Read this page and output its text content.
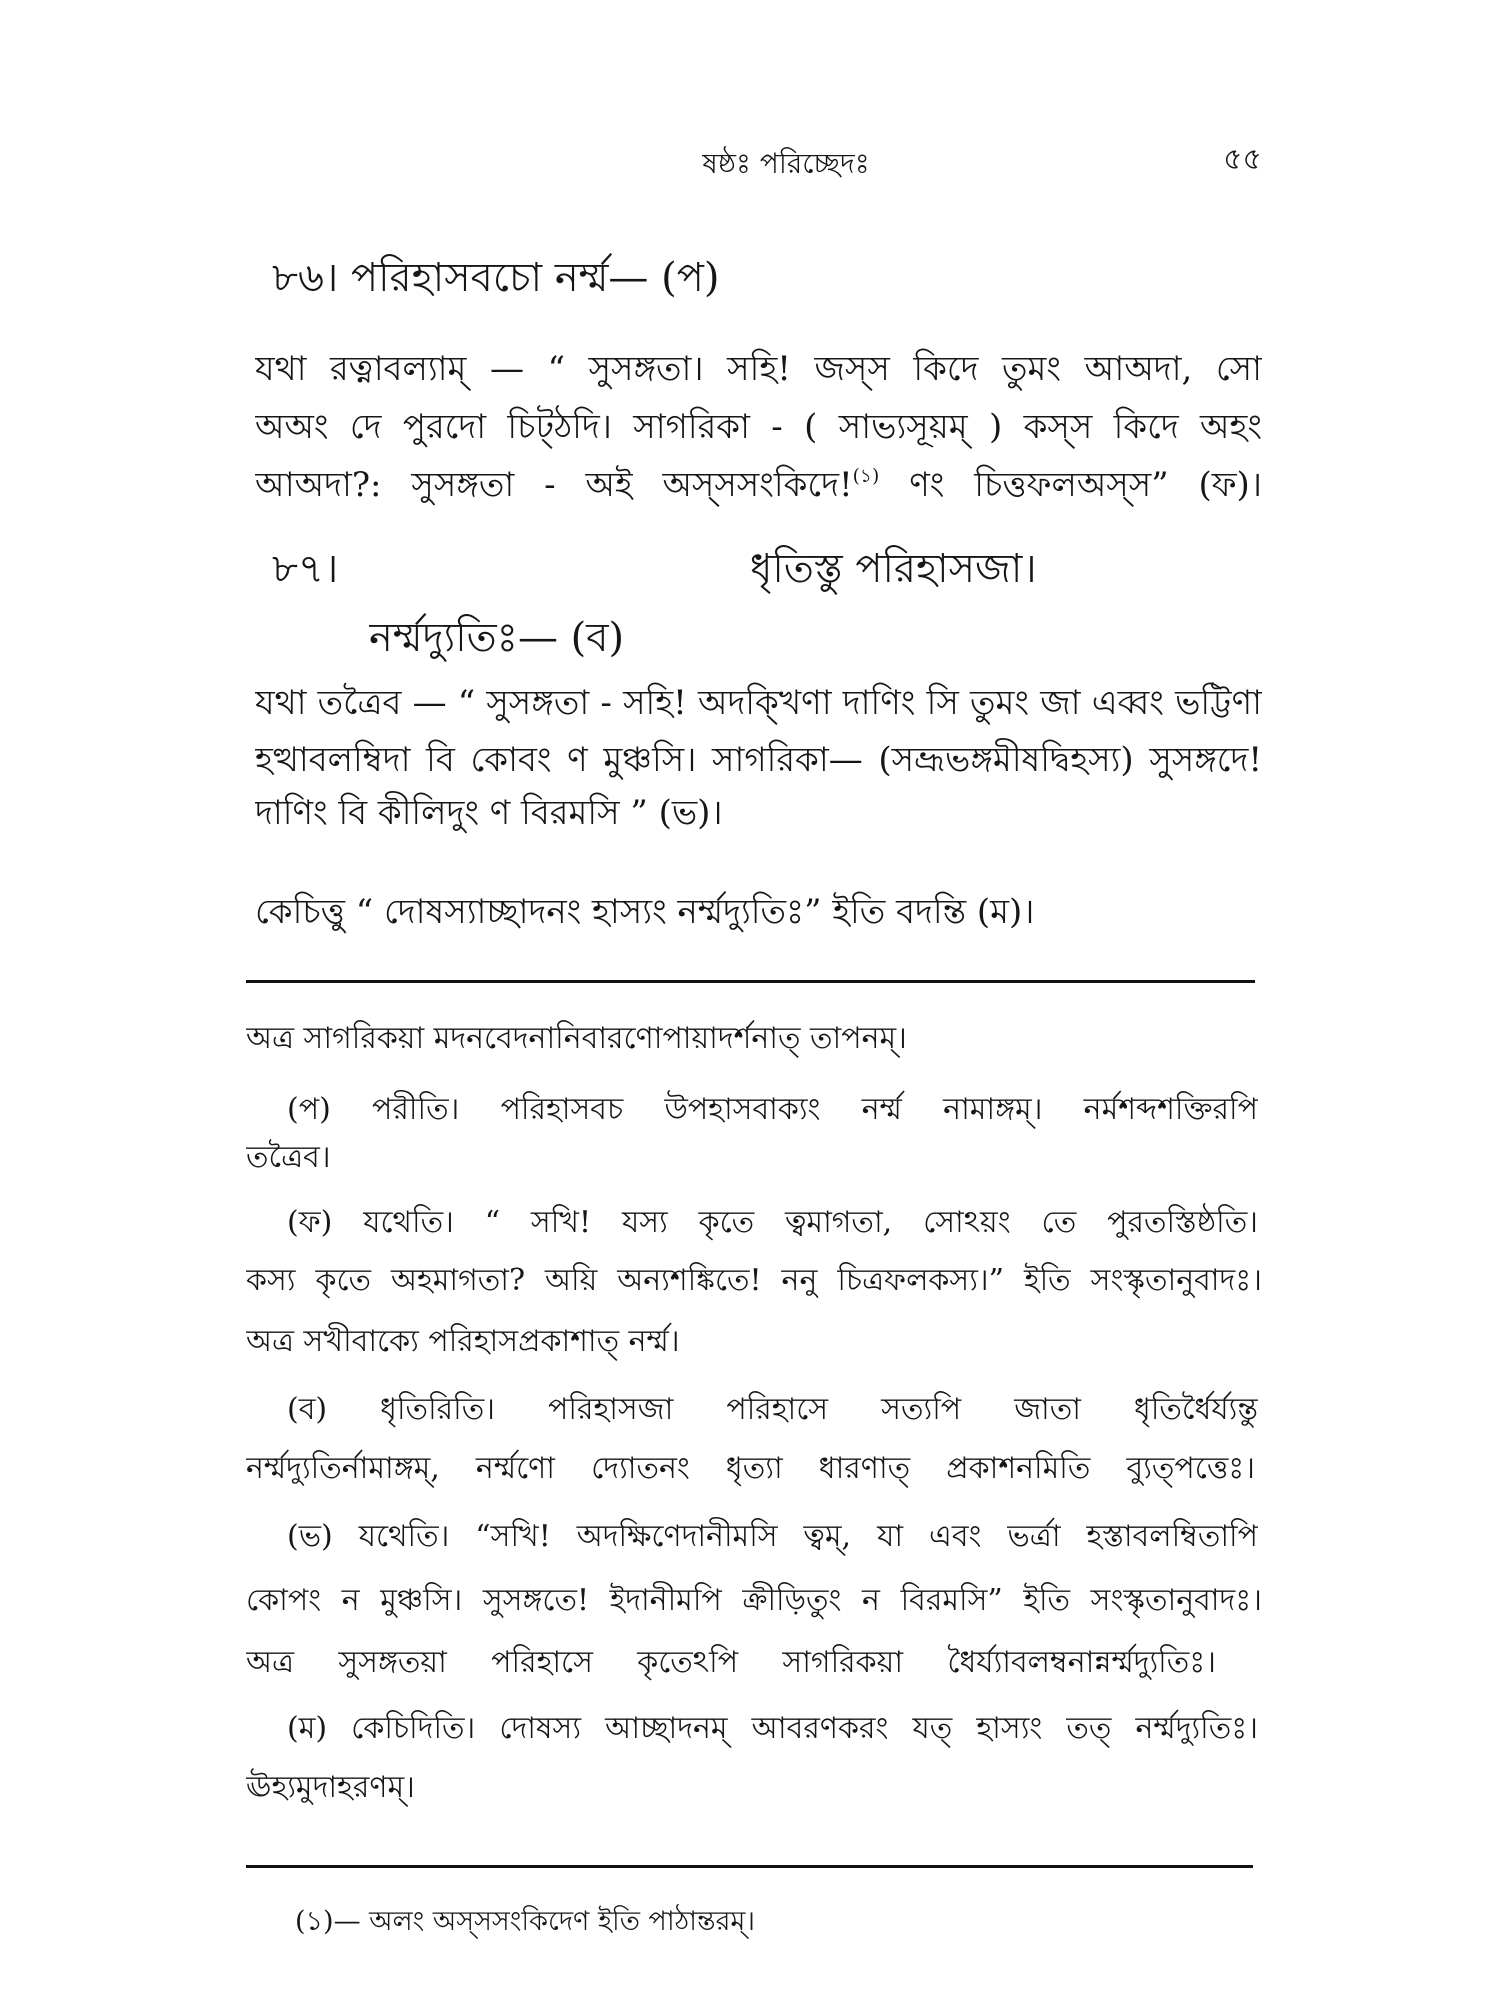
ষষ্ঠঃ পরিচ্ছেদঃ	৫৫
৮৬। পরিহাসবচো নর্ম্ম— (প)
যথা রত্নাবল্যাম্ — “ সুসঙ্গতা। সহি! জস্‌স কিদে তুমং আঅদা, সো
অঅং দে পুরদো চিট্‌ঠদি। সাগরিকা - ( সাভ্যসূয়ম্ ) কস্‌স কিদে অহং
আঅদা?: সুসঙ্গতা - অই অস্‌সসংকিদে!$^{(১)}$ ণং চিত্তফলঅস্‌স” (ফ)।
৮৭।	ধৃতিস্তু পরিহাসজা।
নর্ম্মদ্যুতিঃ— (ব)
যথা তত্রৈব — “ সুসঙ্গতা - সহি! অদক্খিণা দাণিং সি তুমং জা এব্বং ভট্টিণা
হত্থাবলম্বিদা বি কোবং ণ মুঞ্চসি। সাগরিকা— (সভ্রূভঙ্গমীষদ্বিহস্য) সুসঙ্গদে!
দাণিং বি কীলিদুং ণ বিরমসি ” (ভ)।
কেচিত্তু “ দোষস্যাচ্ছাদনং হাস্যং নর্ম্মদ্যুতিঃ” ইতি বদন্তি (ম)।
অত্র সাগরিকয়া মদনবেদনানিবারণোপায়াদর্শনাত্ তাপনম্।
(প) পরীতি। পরিহাসবচ উপহাসবাক্যং নর্ম্ম নামাঙ্গম্। নর্মশব্দশক্তিরপি
তত্রৈব।
(ফ) যথেতি। “ সখি! যস্য কৃতে ত্বমাগতা, সোঽয়ং তে পুরতস্তিষ্ঠতি।
কস্য কৃতে অহমাগতা? অয়ি অন্যশঙ্কিতে! ননু চিত্রফলকস্য।” ইতি সংস্কৃতানুবাদঃ।
অত্র সখীবাক্যে পরিহাসপ্রকাশাত্ নর্ম্ম।
(ব) ধৃতিরিতি। পরিহাসজা পরিহাসে সত্যপি জাতা ধৃতির্ধৈর্য্যন্তু
নর্ম্মদ্যুতির্নামাঙ্গম্, নর্ম্মণো দ্যোতনং ধৃত্যা ধারণাত্ প্রকাশনমিতি ব্যুত্‌পত্তেঃ।
(ভ) যথেতি। “সখি! অদক্ষিণেদানীমসি ত্বম্, যা এবং ভর্ত্রা হস্তাবলম্বিতাপি
কোপং ন মুঞ্চসি। সুসঙ্গতে! ইদানীমপি ক্রীড়িতুং ন বিরমসি” ইতি সংস্কৃতানুবাদঃ।
অত্র সুসঙ্গতয়া পরিহাসে কৃতেঽপি সাগরিকয়া ধৈর্য্যাবলম্বনান্নর্ম্মদ্যুতিঃ।
(ম) কেচিদিতি। দোষস্য আচ্ছাদনম্ আবরণকরং যত্ হাস্যং তত্ নর্ম্মদ্যুতিঃ।
ঊহ্যমুদাহরণম্।
(১)— অলং অস্‌সসংকিদেণ ইতি পাঠান্তরম্।
